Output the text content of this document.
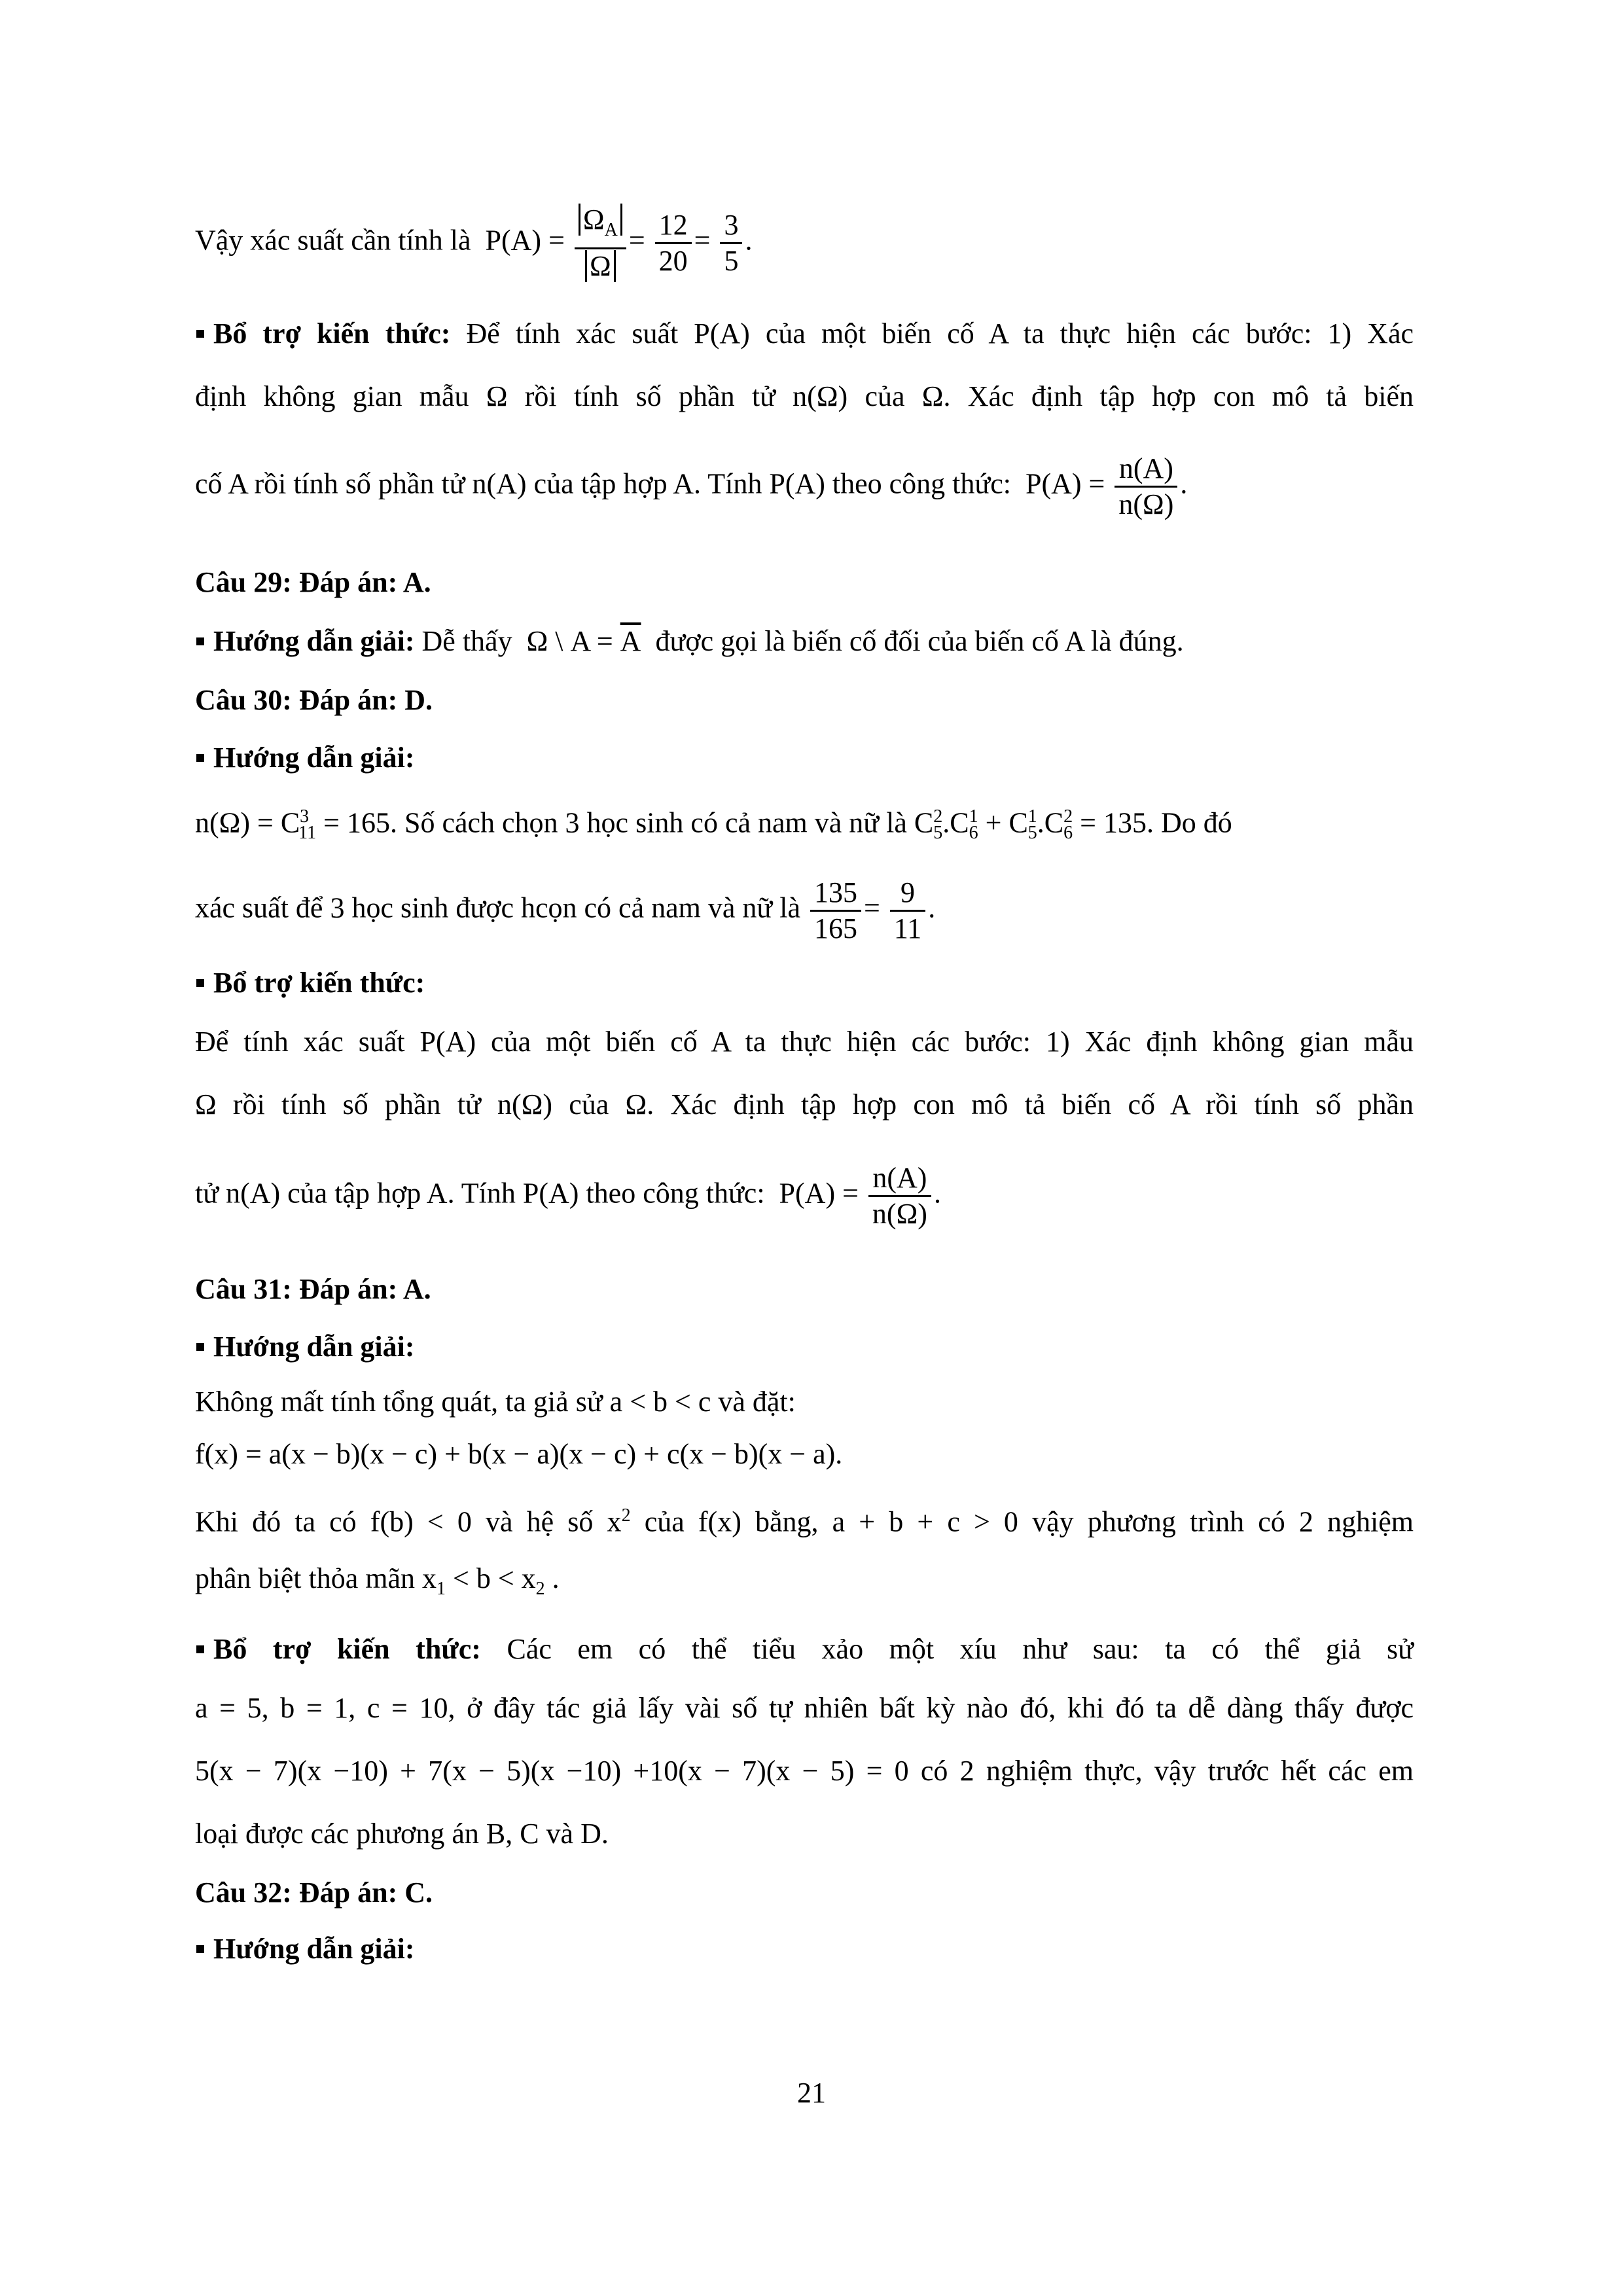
Vậy xác suất cần tính là $P(A) = \frac{\Omega_A}{\Omega} = \frac{12}{20} = \frac{3}{5}$ .
Bổ trợ kiến thức: Để tính xác suất P(A) của một biến cố A ta thực hiện các bước: 1) Xác
định không gian mẫu Ω rồi tính số phần tử n(Ω) của Ω. Xác định tập hợp con mô tả biến
cố A rồi tính số phần tử n(A) của tập hợp A. Tính P(A) theo công thức: $P(A) = \frac{n(A)}{n(\Omega)}$ .
Câu 29: Đáp án: A.
Hướng dẫn giải: Dễ thấy Ω \ $A = \overline{A}$ được gọi là biến cố đối của biến cố A là đúng.
Câu 30: Đáp án: D.
Hướng dẫn giải:
$n(\Omega) = C^3_{11} = 165$. Số cách chọn 3 học sinh có cả nam và nữ là $C^2_5.C^1_6 + C^1_5.C^2_6 = 135$. Do đó
xác suất để 3 học sinh được hcọn có cả nam và nữ là $\frac{135}{165} = \frac{9}{11}$ .
Bổ trợ kiến thức:
Để tính xác suất P(A) của một biến cố A ta thực hiện các bước: 1) Xác định không gian mẫu
Ω rồi tính số phần tử n(Ω) của Ω. Xác định tập hợp con mô tả biến cố A rồi tính số phần
tử n(A) của tập hợp A. Tính P(A) theo công thức: $P(A) = \frac{n(A)}{n(\Omega)}$ .
Câu 31: Đáp án: A.
Hướng dẫn giải:
Không mất tính tổng quát, ta giả sử a < b < c và đặt:
f(x) = a(x − b)(x − c) + b(x − a)(x − c) + c(x − b)(x − a).
Khi đó ta có f(b) < 0 và hệ số $x^2$ của f(x) bằng, a + b + c > 0 vậy phương trình có 2 nghiệm
phân biệt thỏa mãn $x_1 < b < x_2$ .
Bổ trợ kiến thức: Các em có thể tiểu xảo một xíu như sau: ta có thể giả sử
a = 5, b = 1, c = 10, ở đây tác giả lấy vài số tự nhiên bất kỳ nào đó, khi đó ta dễ dàng thấy được
5(x − 7)(x −10) + 7(x − 5)(x −10) +10(x − 7)(x − 5) = 0 có 2 nghiệm thực, vậy trước hết các em
loại được các phương án B, C và D.
Câu 32: Đáp án: C.
Hướng dẫn giải:
21
